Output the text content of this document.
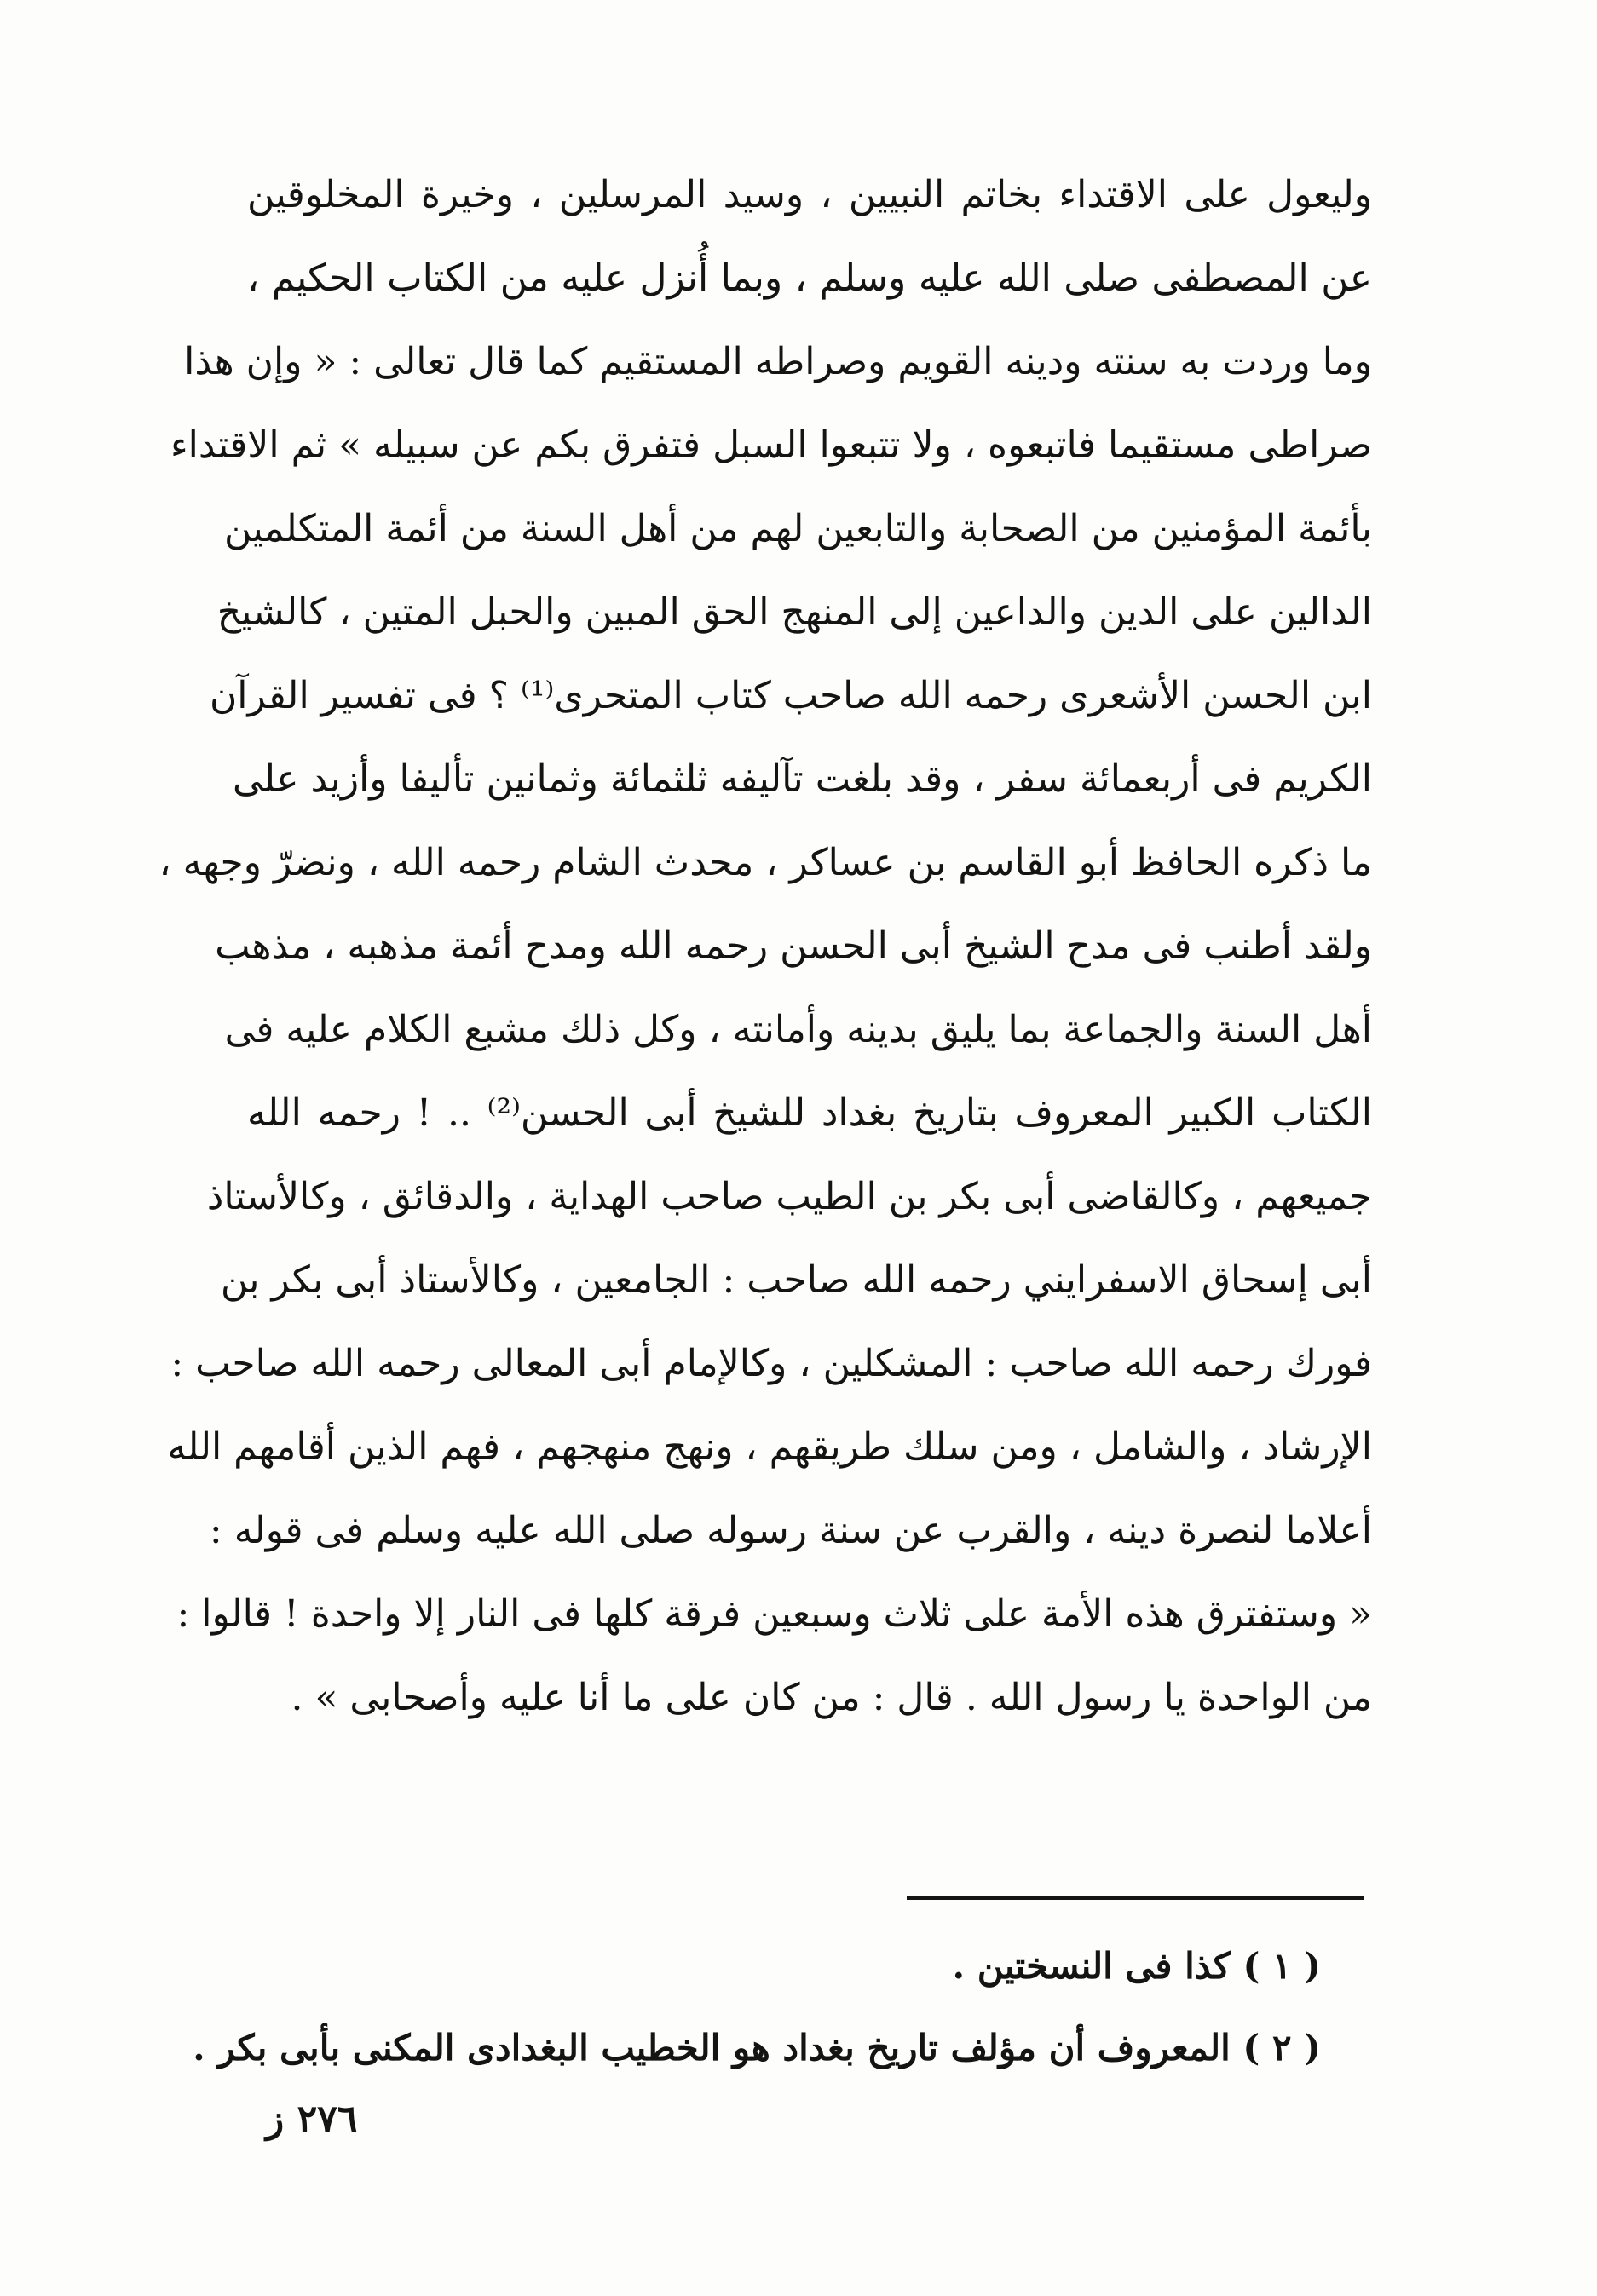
وليعول على الاقتداء بخاتم النبيين ، وسيد المرسلين ، وخيرة المخلوقين
عن المصطفى صلى الله عليه وسلم ، وبما أُنزل عليه من الكتاب الحكيم ،
وما وردت به سنته ودينه القويم وصراطه المستقيم كما قال تعالى : « وإن هذا
صراطى مستقيما فاتبعوه ، ولا تتبعوا السبل فتفرق بكم عن سبيله » ثم الاقتداء
بأئمة المؤمنين من الصحابة والتابعين لهم من أهل السنة من أئمة المتكلمين
الدالين على الدين والداعين إلى المنهج الحق المبين والحبل المتين ، كالشيخ
ابن الحسن الأشعرى رحمه الله صاحب كتاب المتحرى⁽¹⁾ ؟ فى تفسير القرآن
الكريم فى أربعمائة سفر ، وقد بلغت تآليفه ثلثمائة وثمانين تأليفا وأزيد على
ما ذكره الحافظ أبو القاسم بن عساكر ، محدث الشام رحمه الله ، ونضرّ وجهه ،
ولقد أطنب فى مدح الشيخ أبى الحسن رحمه الله ومدح أئمة مذهبه ، مذهب
أهل السنة والجماعة بما يليق بدينه وأمانته ، وكل ذلك مشبع الكلام عليه فى
الكتاب الكبير المعروف بتاريخ بغداد للشيخ أبى الحسن⁽²⁾ .. ! رحمه الله
جميعهم ، وكالقاضى أبى بكر بن الطيب صاحب الهداية ، والدقائق ، وكالأستاذ
أبى إسحاق الاسفرايني رحمه الله صاحب : الجامعين ، وكالأستاذ أبى بكر بن
فورك رحمه الله صاحب : المشكلين ، وكالإمام أبى المعالى رحمه الله صاحب :
الإرشاد ، والشامل ، ومن سلك طريقهم ، ونهج منهجهم ، فهم الذين أقامهم الله
أعلاما لنصرة دينه ، والقرب عن سنة رسوله صلى الله عليه وسلم فى قوله :
« وستفترق هذه الأمة على ثلاث وسبعين فرقة كلها فى النار إلا واحدة ! قالوا :
من الواحدة يا رسول الله . قال : من كان على ما أنا عليه وأصحابى » .
( ١ ) كذا فى النسختين .
( ٢ ) المعروف أن مؤلف تاريخ بغداد هو الخطيب البغدادى المكنى بأبى بكر .
٢٧٦ ز
